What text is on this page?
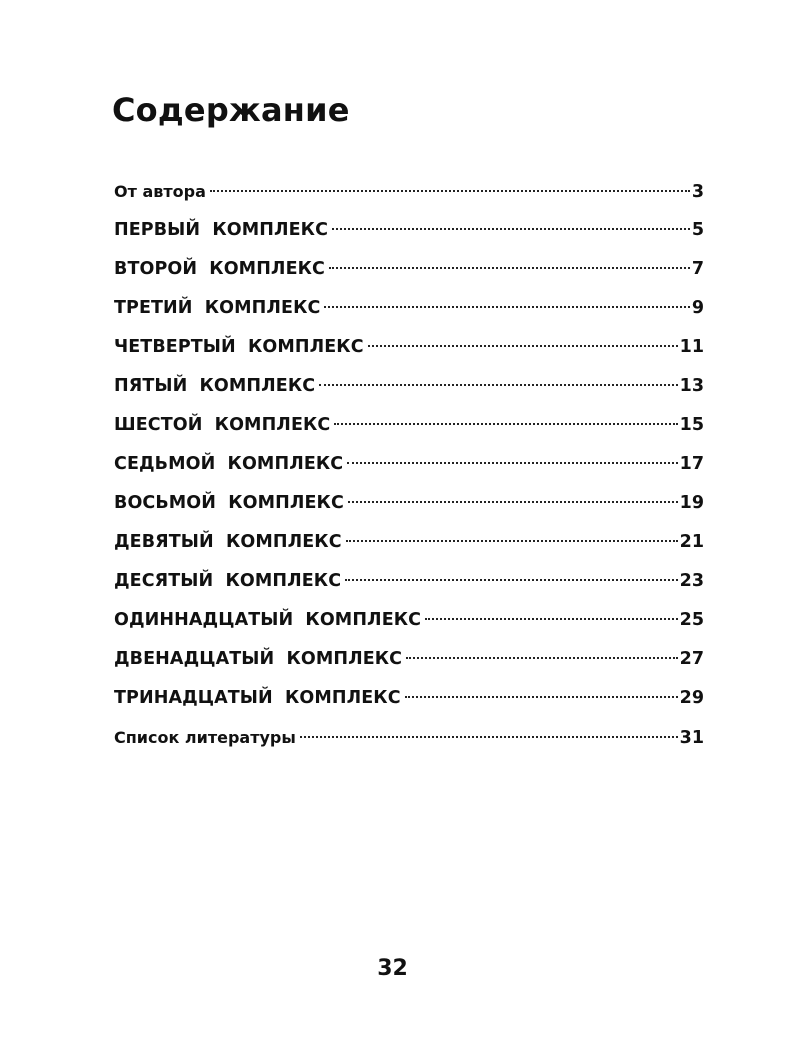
Содержание
От автора	3
ПЕРВЫЙ КОМПЛЕКС	5
ВТОРОЙ КОМПЛЕКС	7
ТРЕТИЙ КОМПЛЕКС	9
ЧЕТВЕРТЫЙ КОМПЛЕКС	11
ПЯТЫЙ КОМПЛЕКС	13
ШЕСТОЙ КОМПЛЕКС	15
СЕДЬМОЙ КОМПЛЕКС	17
ВОСЬМОЙ КОМПЛЕКС	19
ДЕВЯТЫЙ КОМПЛЕКС	21
ДЕСЯТЫЙ КОМПЛЕКС	23
ОДИННАДЦАТЫЙ КОМПЛЕКС	25
ДВЕНАДЦАТЫЙ КОМПЛЕКС	27
ТРИНАДЦАТЫЙ КОМПЛЕКС	29
Список литературы	31
32
